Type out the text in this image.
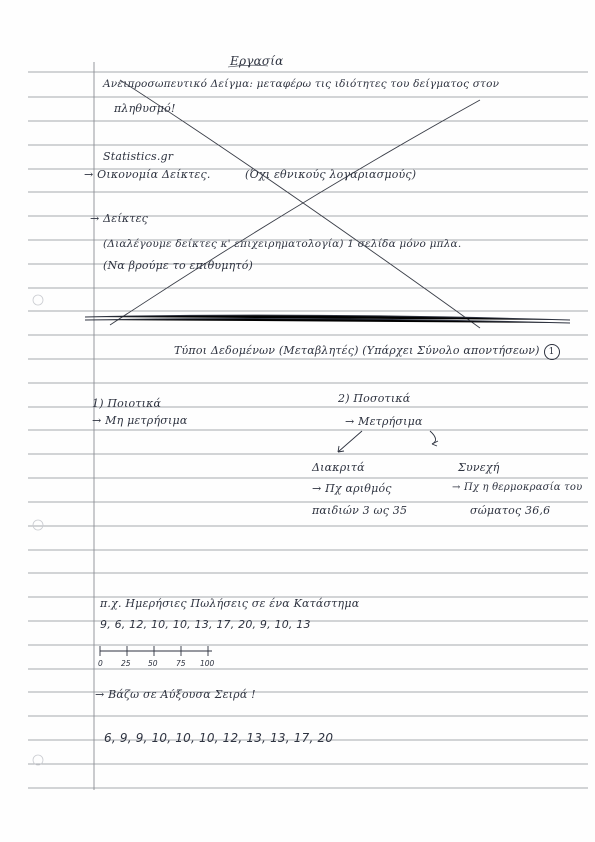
Εργασία
Ανειπροσωπευτικό Δείγμα: μεταφέρω τις ιδιότητες του δείγματος στον
πληθυσμό!
Statistics.gr
→ Οικονομία Δείκτες.	(Όχι εθνικούς λογαριασμούς)
→ Δείκτες
(Διαλέγουμε δείκτες κ' επιχειρηματολογία) 1 σελίδα μόνο μπλα.
(Να βρούμε το επιθυμητό)
Τύποι Δεδομένων (Μεταβλητές) (Υπάρχει Σύνολο αποντήσεων) 1
1) Ποιοτικά
→ Μη μετρήσιμα
2) Ποσοτικά
→ Μετρήσιμα
Διακριτά
→ Πχ αριθμός
παιδιών 3 ως 35
Συνεχή
→ Πχ η θερμοκρασία του
σώματος 36,6
π.χ. Ημερήσιες Πωλήσεις σε ένα Κατάστημα
9, 6, 12, 10, 10, 13, 17, 20, 9, 10, 13
0 25 50 75 100
→ Βάζω σε Αύξουσα Σειρά !
6, 9, 9, 10, 10, 10, 12, 13, 13, 17, 20
